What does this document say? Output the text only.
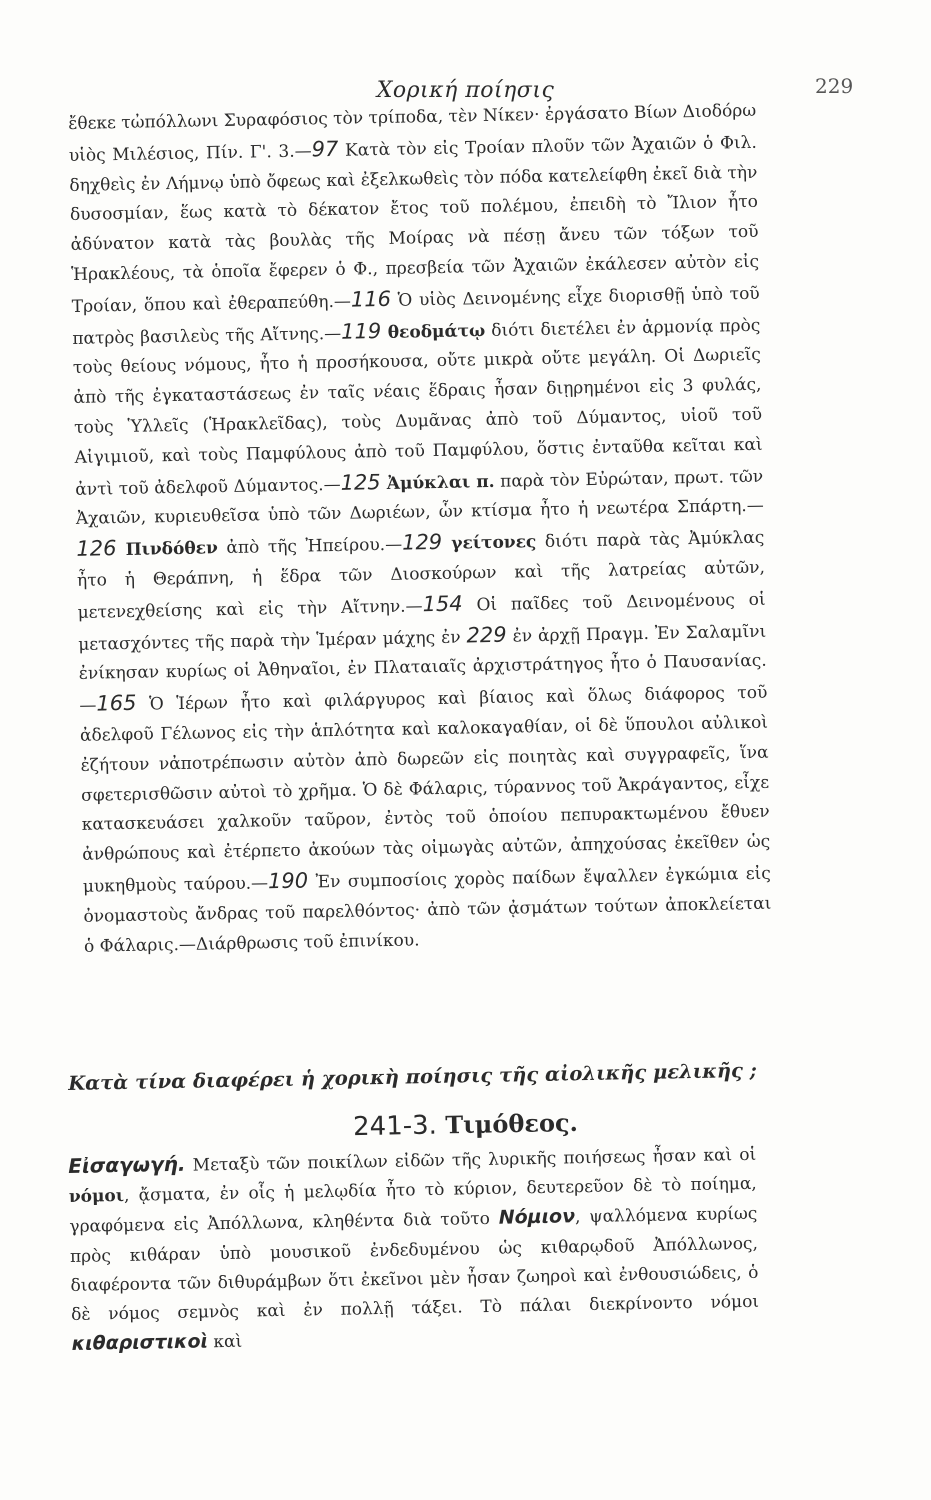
Χορική ποίησις	229

ἔθεκε τὠπόλλωνι Συραφόσιος τὸν τρίποδα, τὲν Νίκεν· ἐργάσατο Βίων Διοδόρω υἱὸς Μιλέσιος, Πίν. Γ'. 3.—97 Κατὰ τὸν εἰς Τροίαν πλοῦν τῶν Ἀχαιῶν ὁ Φιλ. δηχθεὶς ἐν Λήμνῳ ὑπὸ ὄφεως καὶ ἐξελκωθεὶς τὸν πόδα κατελείφθη ἐκεῖ διὰ τὴν δυσοσμίαν, ἕως κατὰ τὸ δέκατον ἔτος τοῦ πολέμου, ἐπειδὴ τὸ Ἴλιον ἦτο ἀδύνατον κατὰ τὰς βουλὰς τῆς Μοίρας νὰ πέσῃ ἄνευ τῶν τόξων τοῦ Ἡρακλέους, τὰ ὁποῖα ἔφερεν ὁ Φ., πρεσβεία τῶν Ἀχαιῶν ἐκάλεσεν αὐτὸν εἰς Τροίαν, ὅπου καὶ ἐθεραπεύθη.—116 Ὁ υἱὸς Δεινομένης εἶχε διορισθῇ ὑπὸ τοῦ πατρὸς βασιλεὺς τῆς Αἴτνης.—119 θεοδμάτῳ διότι διετέλει ἐν ἁρμονίᾳ πρὸς τοὺς θείους νόμους, ἦτο ἡ προσήκουσα, οὔτε μικρὰ οὔτε μεγάλη. Οἱ Δωριεῖς ἀπὸ τῆς ἐγκαταστάσεως ἐν ταῖς νέαις ἕδραις ἦσαν διῃρημένοι εἰς 3 φυλάς, τοὺς Ὑλλεῖς (Ἡρακλεῖδας), τοὺς Δυμᾶνας ἀπὸ τοῦ Δύμαντος, υἱοῦ τοῦ Αἰγιμιοῦ, καὶ τοὺς Παμφύλους ἀπὸ τοῦ Παμφύλου, ὅστις ἐνταῦθα κεῖται καὶ ἀντὶ τοῦ ἀδελφοῦ Δύμαντος.—125 Ἀμύκλαι π. παρὰ τὸν Εὐρώταν, πρωτ. τῶν Ἀχαιῶν, κυριευθεῖσα ὑπὸ τῶν Δωριέων, ὧν κτίσμα ἦτο ἡ νεωτέρα Σπάρτη.—126 Πινδόθεν ἀπὸ τῆς Ἠπείρου.—129 γείτονες διότι παρὰ τὰς Ἀμύκλας ἦτο ἡ Θεράπνη, ἡ ἕδρα τῶν Διοσκούρων καὶ τῆς λατρείας αὐτῶν, μετενεχθείσης καὶ εἰς τὴν Αἴτνην.—154 Οἱ παῖδες τοῦ Δεινομένους οἱ μετασχόντες τῆς παρὰ τὴν Ἱμέραν μάχης ἐν 229 ἐν ἀρχῇ Πραγμ. Ἐν Σαλαμῖνι ἐνίκησαν κυρίως οἱ Ἀθηναῖοι, ἐν Πλαταιαῖς ἀρχιστράτηγος ἦτο ὁ Παυσανίας.—165 Ὁ Ἱέρων ἦτο καὶ φιλάργυρος καὶ βίαιος καὶ ὅλως διάφορος τοῦ ἀδελφοῦ Γέλωνος εἰς τὴν ἁπλότητα καὶ καλοκαγαθίαν, οἱ δὲ ὕπουλοι αὐλικοὶ ἐζήτουν νἀποτρέπωσιν αὐτὸν ἀπὸ δωρεῶν εἰς ποιητὰς καὶ συγγραφεῖς, ἵνα σφετερισθῶσιν αὐτοὶ τὸ χρῆμα. Ὁ δὲ Φάλαρις, τύραννος τοῦ Ἀκράγαντος, εἶχε κατασκευάσει χαλκοῦν ταῦρον, ἐντὸς τοῦ ὁποίου πεπυρακτωμένου ἔθυεν ἀνθρώπους καὶ ἐτέρπετο ἀκούων τὰς οἰμωγὰς αὐτῶν, ἀπηχούσας ἐκεῖθεν ὡς μυκηθμοὺς ταύρου.—190 Ἐν συμποσίοις χορὸς παίδων ἔψαλλεν ἐγκώμια εἰς ὀνομαστοὺς ἄνδρας τοῦ παρελθόντος· ἀπὸ τῶν ᾀσμάτων τούτων ἀποκλείεται ὁ Φάλαρις.—Διάρθρωσις τοῦ ἐπινίκου.

Κατὰ τίνα διαφέρει ἡ χορικὴ ποίησις τῆς αἰολικῆς μελικῆς ;
241-3. Τιμόθεος.

Εἰσαγωγή. Μεταξὺ τῶν ποικίλων εἰδῶν τῆς λυρικῆς ποιήσεως ἦσαν καὶ οἱ νόμοι, ᾄσματα, ἐν οἷς ἡ μελῳδία ἦτο τὸ κύριον, δευτερεῦον δὲ τὸ ποίημα, γραφόμενα εἰς Ἀπόλλωνα, κληθέντα διὰ τοῦτο Νόμιον, ψαλλόμενα κυρίως πρὸς κιθάραν ὑπὸ μουσικοῦ ἐνδεδυμένου ὡς κιθαρῳδοῦ Ἀπόλλωνος, διαφέροντα τῶν διθυράμβων ὅτι ἐκεῖνοι μὲν ἦσαν ζωηροὶ καὶ ἐνθουσιώδεις, ὁ δὲ νόμος σεμνὸς καὶ ἐν πολλῇ τάξει. Τὸ πάλαι διεκρίνοντο νόμοι κιθαριστικοὶ καὶ
